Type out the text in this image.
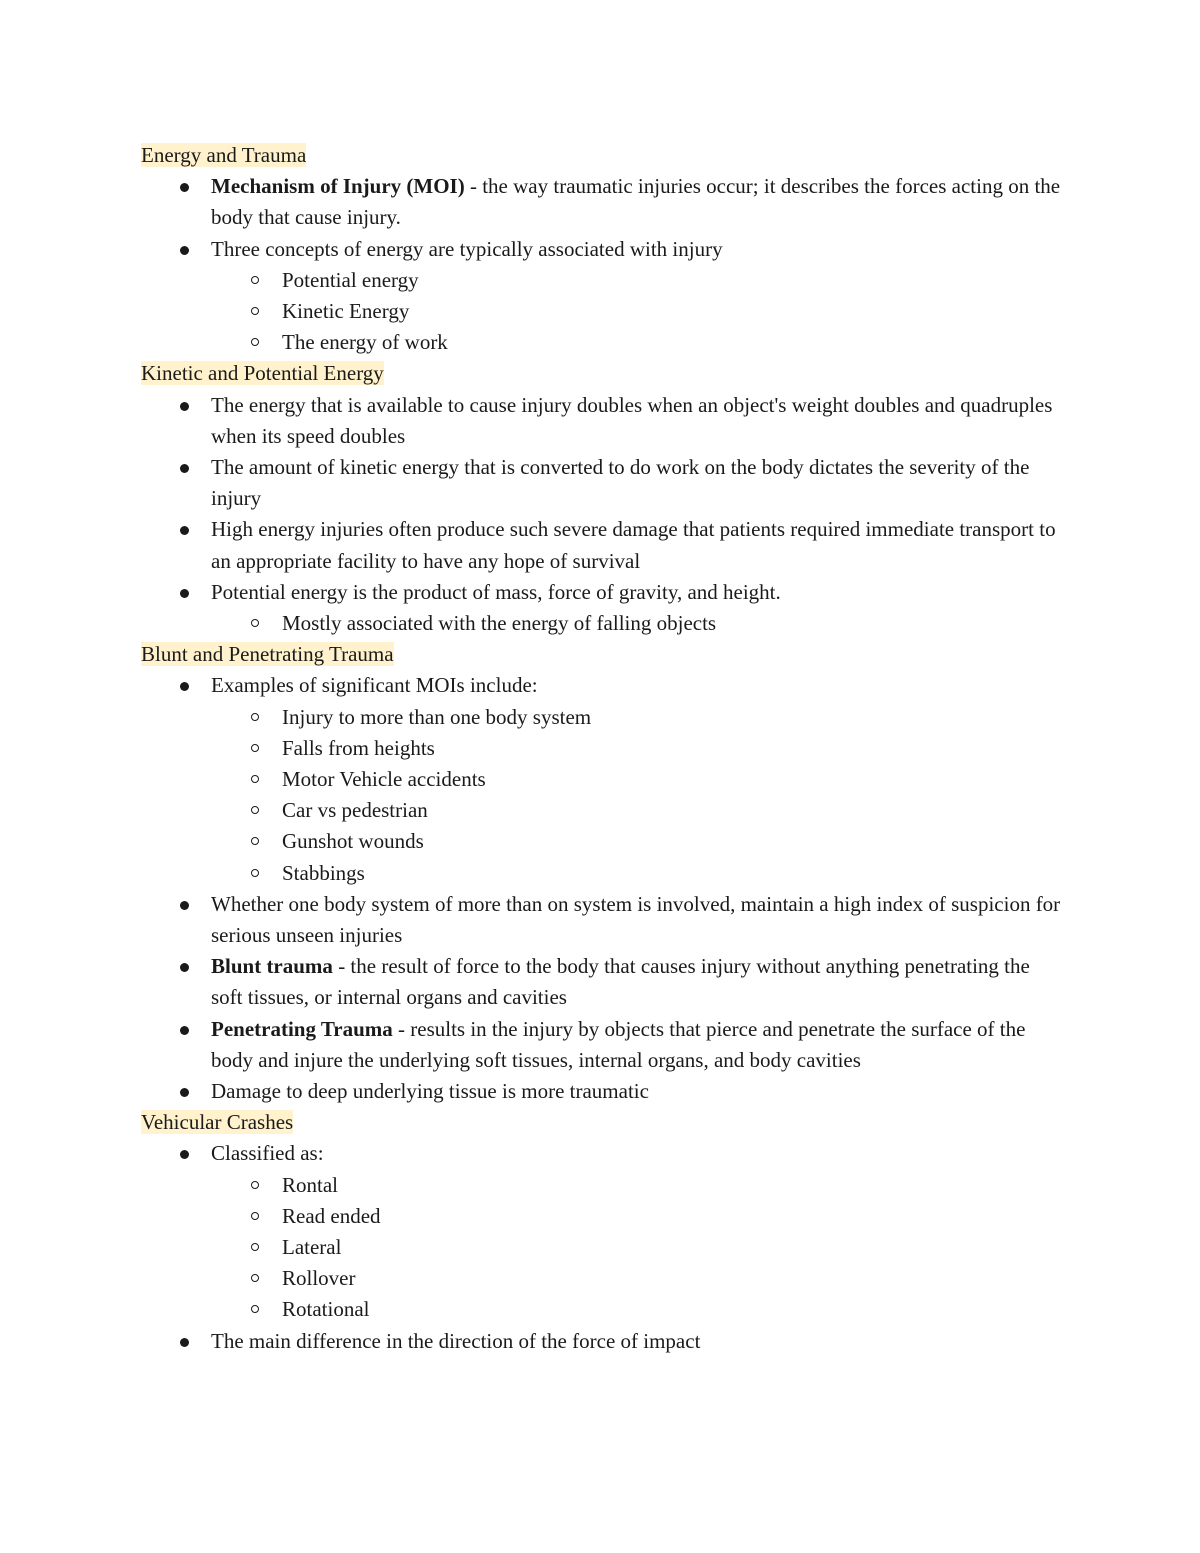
Energy and Trauma
Mechanism of Injury (MOI) - the way traumatic injuries occur; it describes the forces acting on the body that cause injury.
Three concepts of energy are typically associated with injury
Potential energy
Kinetic Energy
The energy of work
Kinetic and Potential Energy
The energy that is available to cause injury doubles when an object's weight doubles and quadruples when its speed doubles
The amount of kinetic energy that is converted to do work on the body dictates the severity of the injury
High energy injuries often produce such severe damage that patients required immediate transport to an appropriate facility to have any hope of survival
Potential energy is the product of mass, force of gravity, and height.
Mostly associated with the energy of falling objects
Blunt and Penetrating Trauma
Examples of significant MOIs include:
Injury to more than one body system
Falls from heights
Motor Vehicle accidents
Car vs pedestrian
Gunshot wounds
Stabbings
Whether one body system of more than on system is involved, maintain a high index of suspicion for serious unseen injuries
Blunt trauma - the result of force to the body that causes injury without anything penetrating the soft tissues, or internal organs and cavities
Penetrating Trauma - results in the injury by objects that pierce and penetrate the surface of the body and injure the underlying soft tissues, internal organs, and body cavities
Damage to deep underlying tissue is more traumatic
Vehicular Crashes
Classified as:
Rontal
Read ended
Lateral
Rollover
Rotational
The main difference in the direction of the force of impact
